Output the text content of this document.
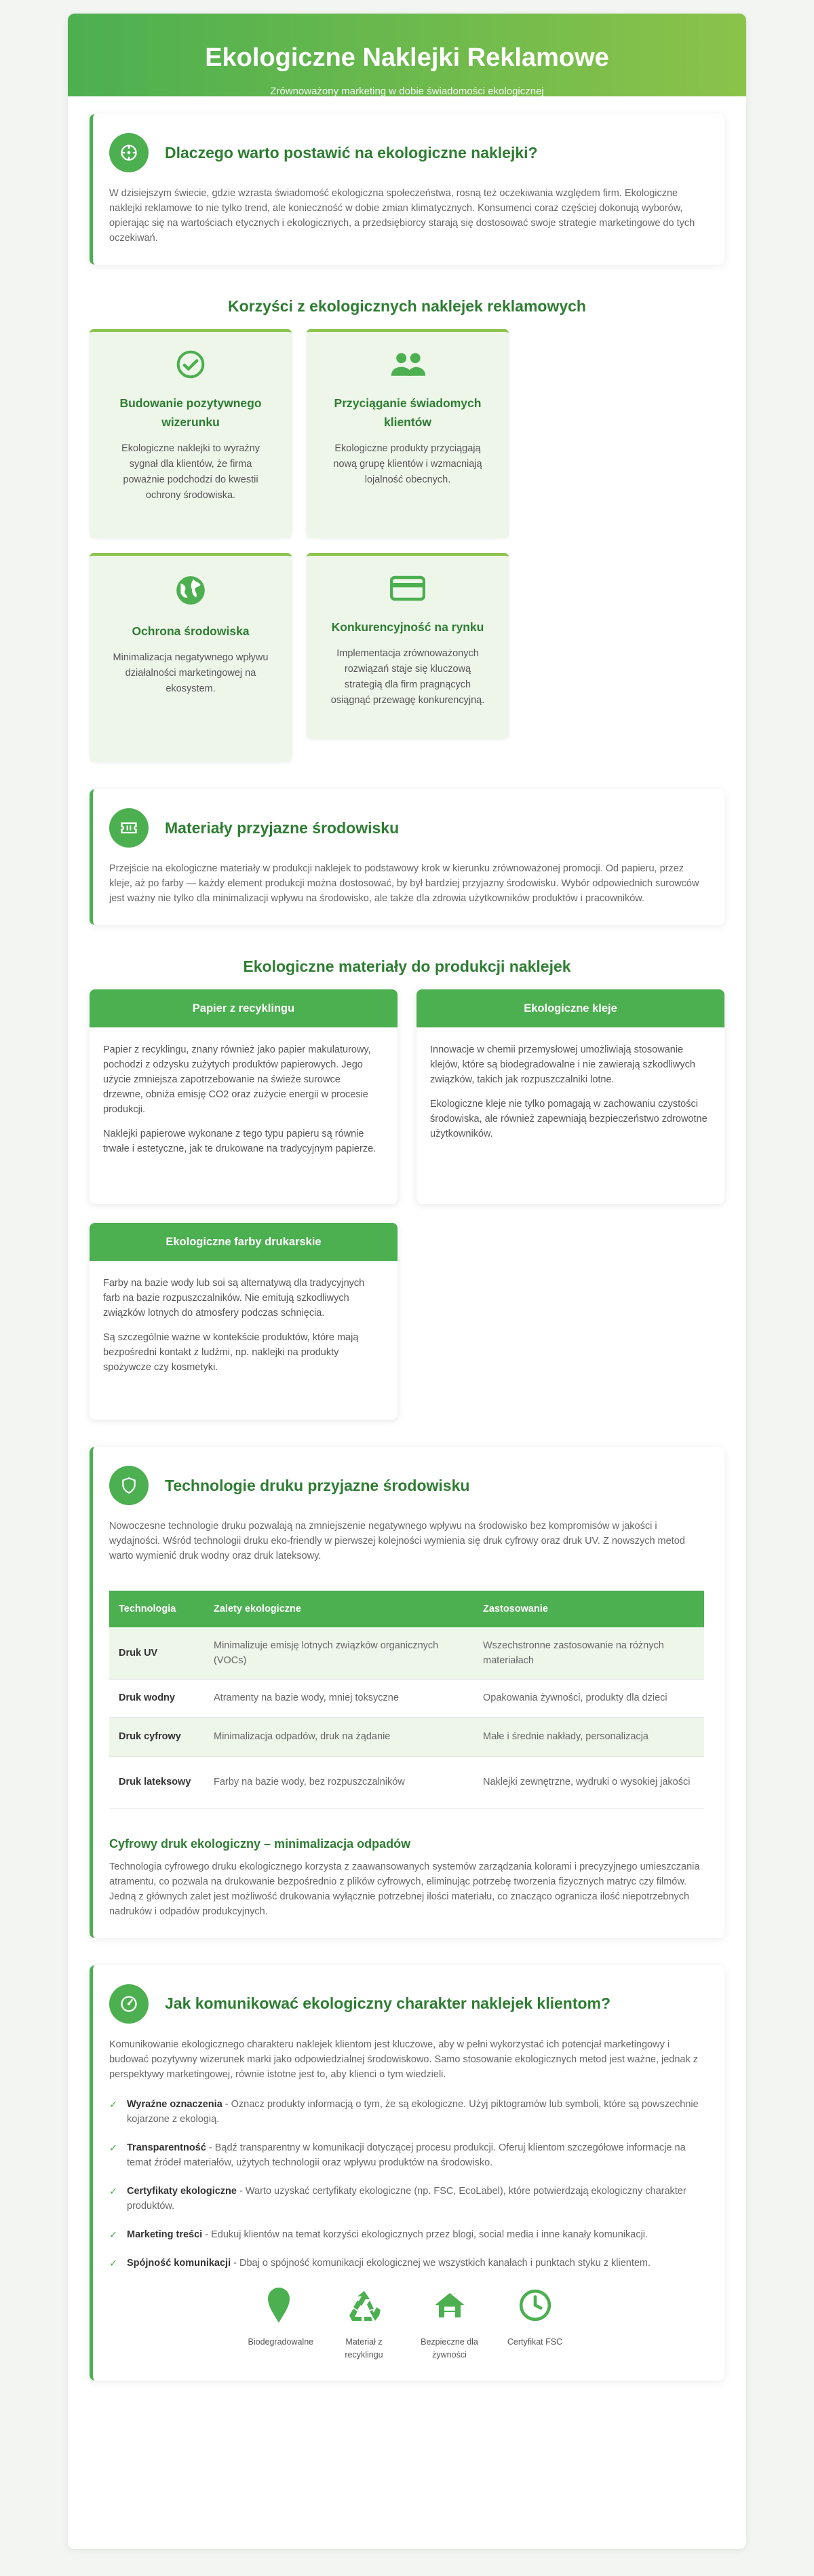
Ekologiczne Naklejki Reklamowe

Zrównoważony marketing w dobie świadomości ekologicznej

Dlaczego warto postawić na ekologiczne naklejki?

W dzisiejszym świecie, gdzie wzrasta świadomość ekologiczna społeczeństwa, rosną też oczekiwania względem firm. Ekologiczne naklejki reklamowe to nie tylko trend, ale konieczność w dobie zmian klimatycznych. Konsumenci coraz częściej dokonują wyborów, opierając się na wartościach etycznych i ekologicznych, a przedsiębiorcy starają się dostosować swoje strategie marketingowe do tych oczekiwań.

Korzyści z ekologicznych naklejek reklamowych
Budowanie pozytywnego wizerunku

Ekologiczne naklejki to wyraźny sygnał dla klientów, że firma poważnie podchodzi do kwestii ochrony środowiska.

Przyciąganie świadomych klientów

Ekologiczne produkty przyciągają nową grupę klientów i wzmacniają lojalność obecnych.

Ochrona środowiska

Minimalizacja negatywnego wpływu działalności marketingowej na ekosystem.

Konkurencyjność na rynku

Implementacja zrównoważonych rozwiązań staje się kluczową strategią dla firm pragnących osiągnąć przewagę konkurencyjną.

Materiały przyjazne środowisku

Przejście na ekologiczne materiały w produkcji naklejek to podstawowy krok w kierunku zrównoważonej promocji. Od papieru, przez kleje, aż po farby — każdy element produkcji można dostosować, by był bardziej przyjazny środowisku. Wybór odpowiednich surowców jest ważny nie tylko dla minimalizacji wpływu na środowisko, ale także dla zdrowia użytkowników produktów i pracowników.

Ekologiczne materiały do produkcji naklejek
Papier z recyklingu

Papier z recyklingu, znany również jako papier makulaturowy, pochodzi z odzysku zużytych produktów papierowych. Jego użycie zmniejsza zapotrzebowanie na świeże surowce drzewne, obniża emisję CO2 oraz zużycie energii w procesie produkcji.

Naklejki papierowe wykonane z tego typu papieru są równie trwałe i estetyczne, jak te drukowane na tradycyjnym papierze.

Ekologiczne kleje

Innowacje w chemii przemysłowej umożliwiają stosowanie klejów, które są biodegradowalne i nie zawierają szkodliwych związków, takich jak rozpuszczalniki lotne.

Ekologiczne kleje nie tylko pomagają w zachowaniu czystości środowiska, ale również zapewniają bezpieczeństwo zdrowotne użytkowników.

Ekologiczne farby drukarskie

Farby na bazie wody lub soi są alternatywą dla tradycyjnych farb na bazie rozpuszczalników. Nie emitują szkodliwych związków lotnych do atmosfery podczas schnięcia.

Są szczególnie ważne w kontekście produktów, które mają bezpośredni kontakt z ludźmi, np. naklejki na produkty spożywcze czy kosmetyki.

Technologie druku przyjazne środowisku

Nowoczesne technologie druku pozwalają na zmniejszenie negatywnego wpływu na środowisko bez kompromisów w jakości i wydajności. Wśród technologii druku eko-friendly w pierwszej kolejności wymienia się druk cyfrowy oraz druk UV. Z nowszych metod warto wymienić druk wodny oraz druk lateksowy.

Technologia	Zalety ekologiczne	Zastosowanie
Druk UV	Minimalizuje emisję lotnych związków organicznych (VOCs)	Wszechstronne zastosowanie na różnych materiałach
Druk wodny	Atramenty na bazie wody, mniej toksyczne	Opakowania żywności, produkty dla dzieci
Druk cyfrowy	Minimalizacja odpadów, druk na żądanie	Małe i średnie nakłady, personalizacja
Druk lateksowy	Farby na bazie wody, bez rozpuszczalników	Naklejki zewnętrzne, wydruki o wysokiej jakości
Cyfrowy druk ekologiczny – minimalizacja odpadów

Technologia cyfrowego druku ekologicznego korzysta z zaawansowanych systemów zarządzania kolorami i precyzyjnego umieszczania atramentu, co pozwala na drukowanie bezpośrednio z plików cyfrowych, eliminując potrzebę tworzenia fizycznych matryc czy filmów. Jedną z głównych zalet jest możliwość drukowania wyłącznie potrzebnej ilości materiału, co znacząco ogranicza ilość niepotrzebnych nadruków i odpadów produkcyjnych.

Jak komunikować ekologiczny charakter naklejek klientom?

Komunikowanie ekologicznego charakteru naklejek klientom jest kluczowe, aby w pełni wykorzystać ich potencjał marketingowy i budować pozytywny wizerunek marki jako odpowiedzialnej środowiskowo. Samo stosowanie ekologicznych metod jest ważne, jednak z perspektywy marketingowej, równie istotne jest to, aby klienci o tym wiedzieli.

✓ Wyraźne oznaczenia - Oznacz produkty informacją o tym, że są ekologiczne. Użyj piktogramów lub symboli, które są powszechnie kojarzone z ekologią.
✓ Transparentność - Bądź transparentny w komunikacji dotyczącej procesu produkcji. Oferuj klientom szczegółowe informacje na temat źródeł materiałów, użytych technologii oraz wpływu produktów na środowisko.
✓ Certyfikaty ekologiczne - Warto uzyskać certyfikaty ekologiczne (np. FSC, EcoLabel), które potwierdzają ekologiczny charakter produktów.
✓ Marketing treści - Edukuj klientów na temat korzyści ekologicznych przez blogi, social media i inne kanały komunikacji.
✓ Spójność komunikacji - Dbaj o spójność komunikacji ekologicznej we wszystkich kanałach i punktach styku z klientem.
Biodegradowalne	Materiał z recyklingu
Bezpieczne dla żywności
Certyfikat FSC
